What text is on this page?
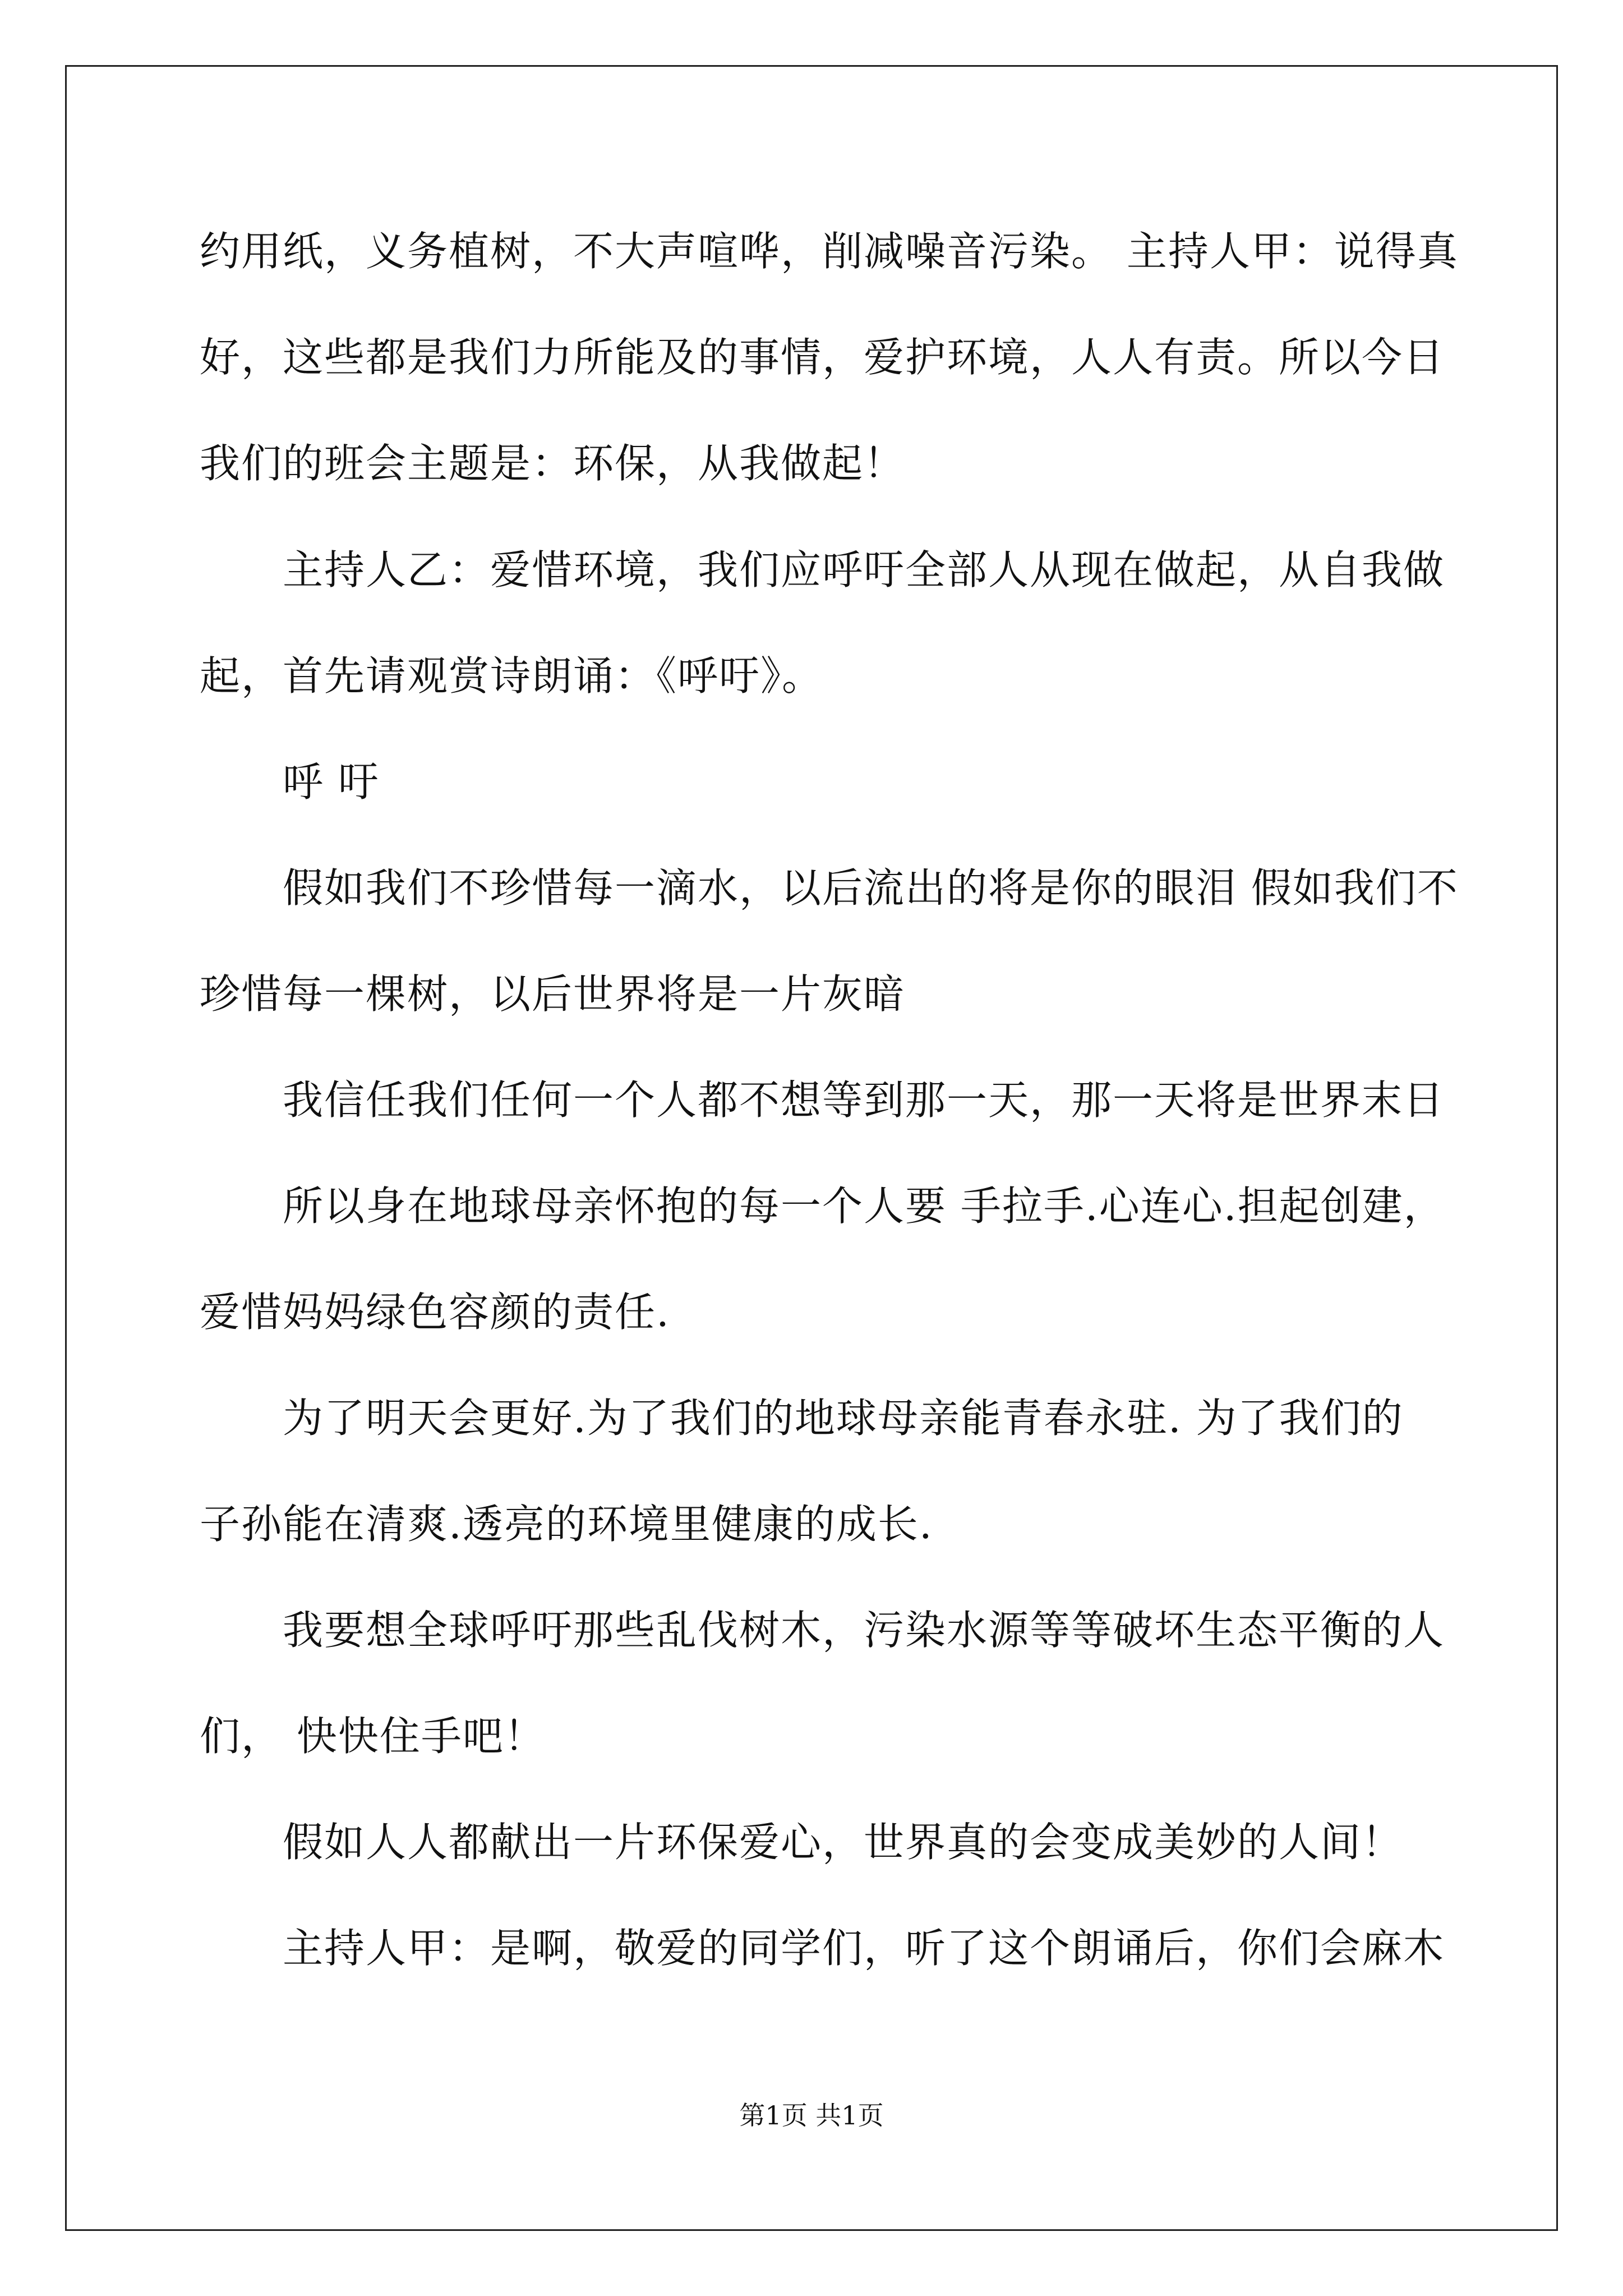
约用纸，义务植树，不大声喧哗，削减噪音污染。 主持人甲：说得真
好，这些都是我们力所能及的事情，爱护环境，人人有责。所以今日
我们的班会主题是：环保，从我做起！
主持人乙：爱惜环境，我们应呼吁全部人从现在做起，从自我做
起，首先请观赏诗朗诵：《呼吁》。
呼 吁
假如我们不珍惜每一滴水，以后流出的将是你的眼泪 假如我们不
珍惜每一棵树，以后世界将是一片灰暗
我信任我们任何一个人都不想等到那一天，那一天将是世界末日
所以身在地球母亲怀抱的每一个人要 手拉手.心连心.担起创建，
爱惜妈妈绿色容颜的责任.
为了明天会更好.为了我们的地球母亲能青春永驻. 为了我们的
子孙能在清爽.透亮的环境里健康的成长.
我要想全球呼吁那些乱伐树木，污染水源等等破坏生态平衡的人
们， 快快住手吧！
假如人人都献出一片环保爱心，世界真的会变成美妙的人间！
主持人甲：是啊，敬爱的同学们，听了这个朗诵后，你们会麻木
第1页 共1页
